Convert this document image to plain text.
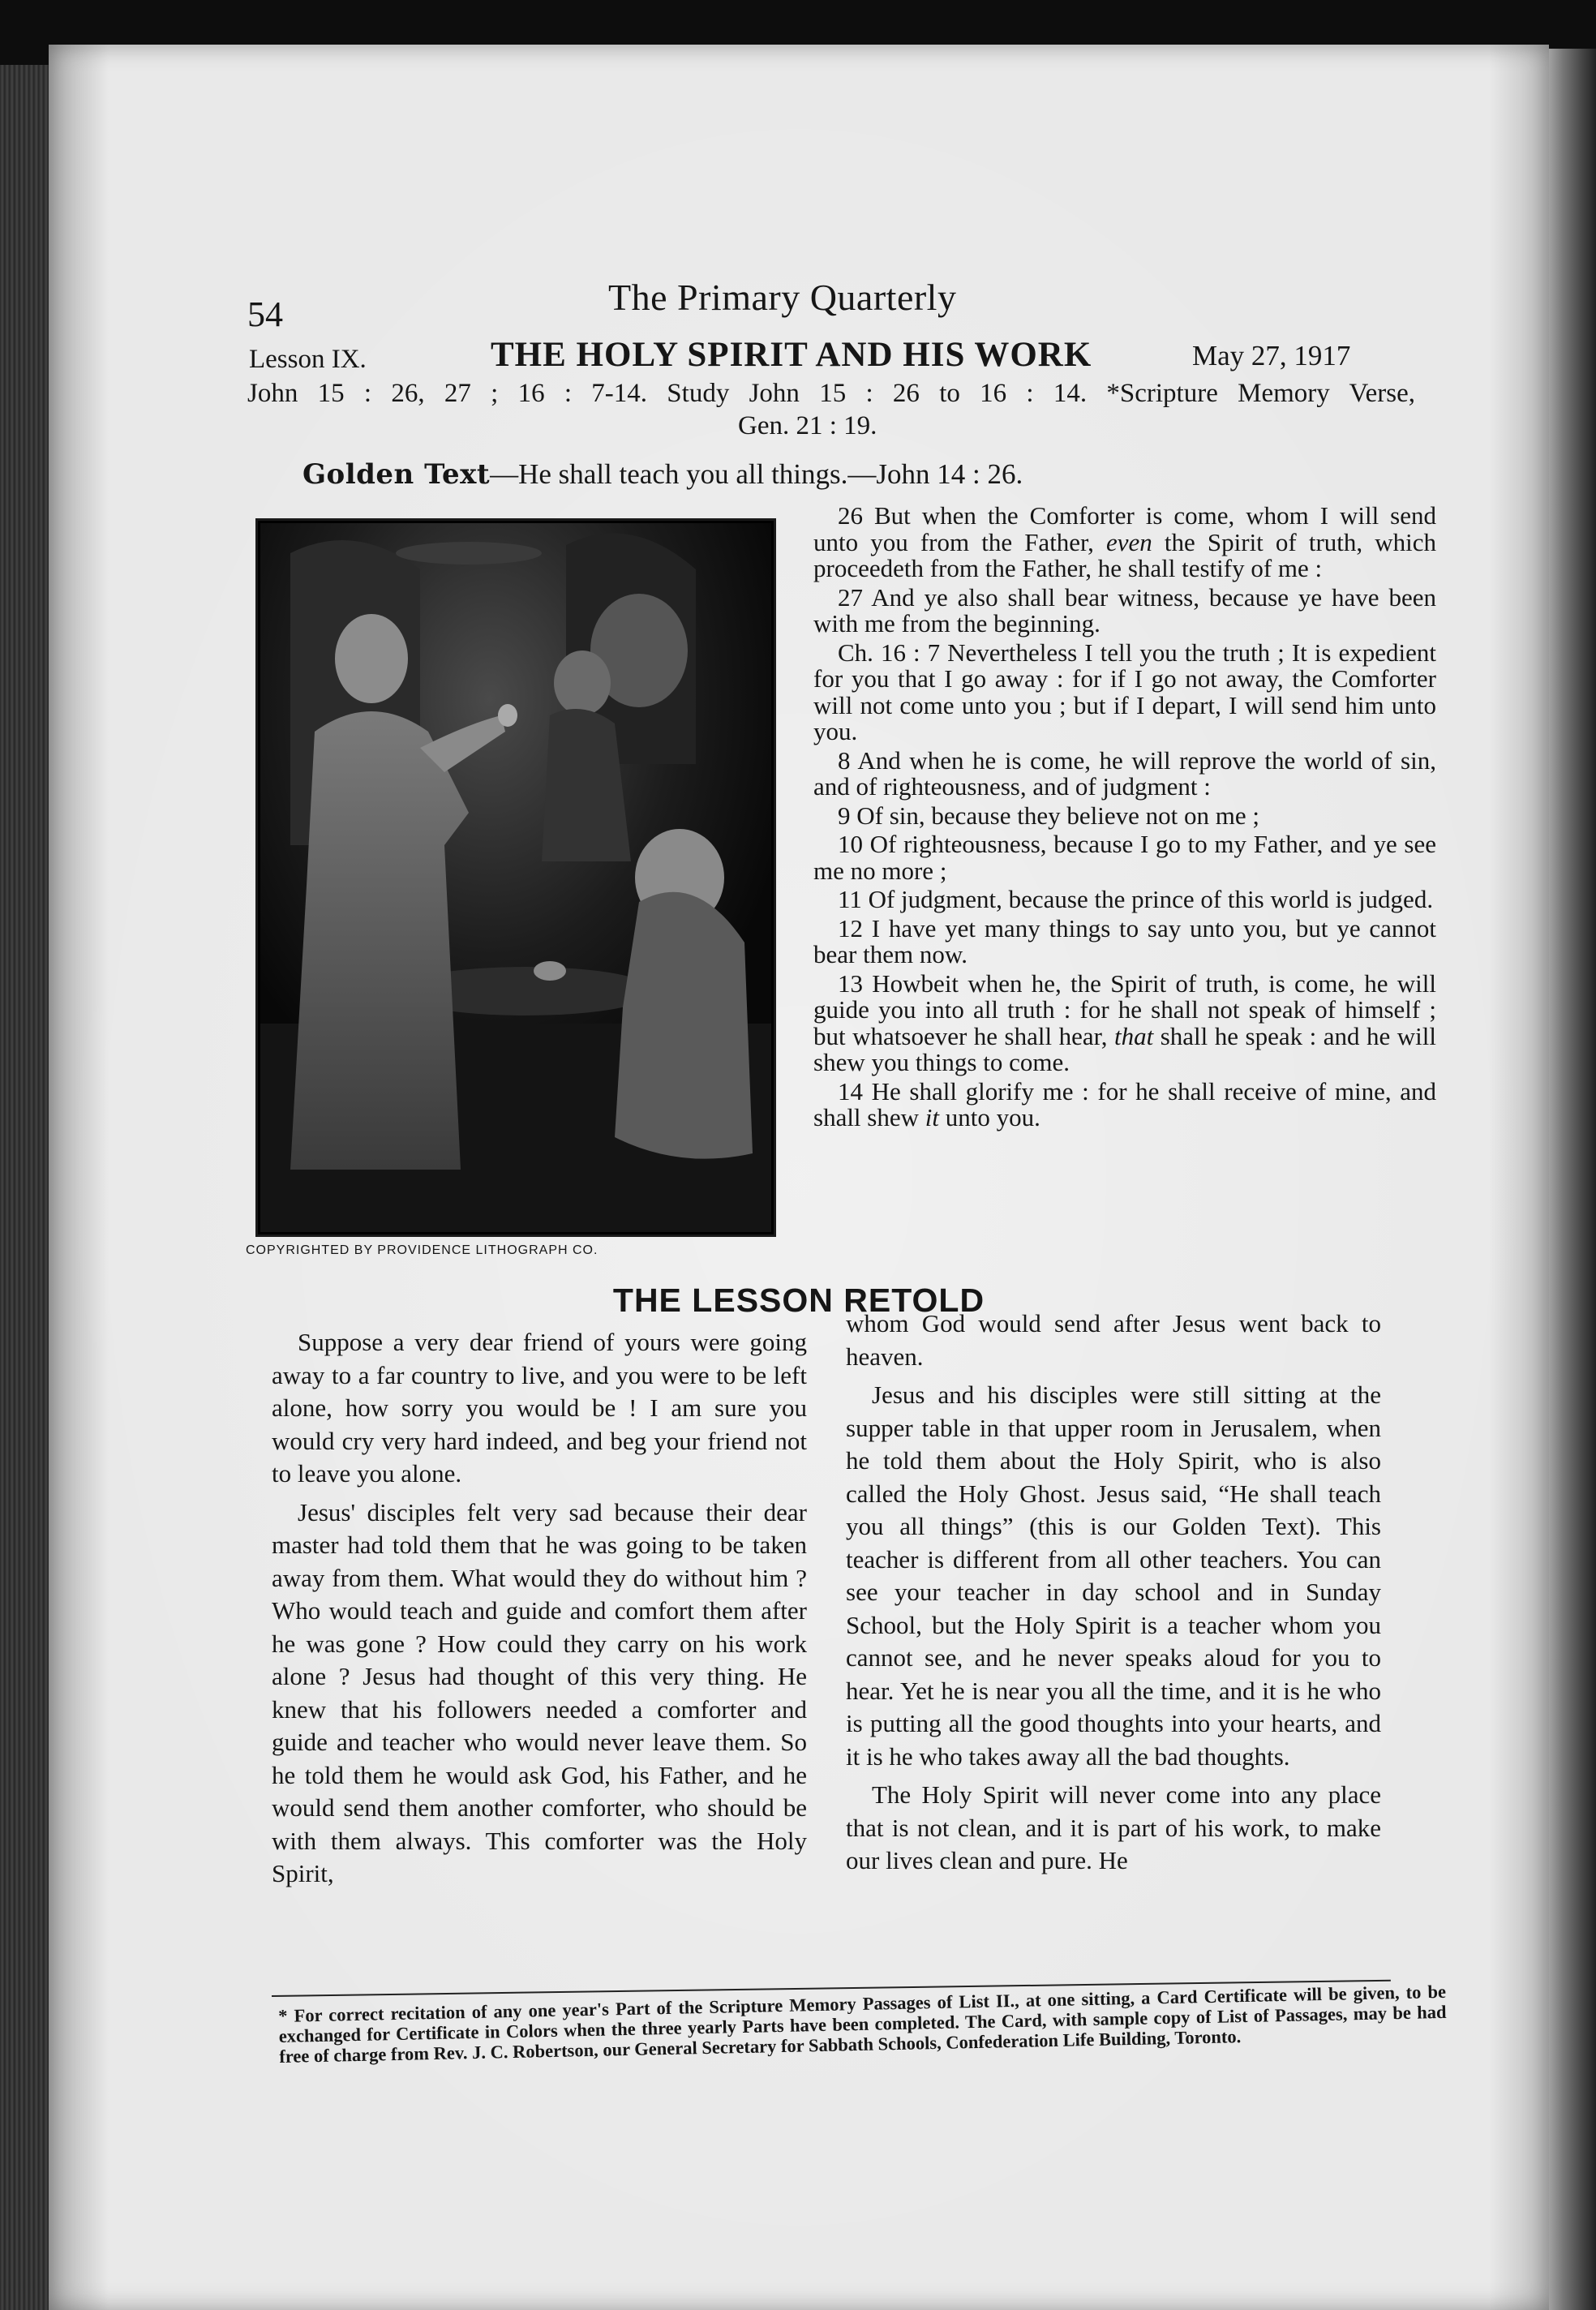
54	The Primary Quarterly
Lesson IX.	THE HOLY SPIRIT AND HIS WORK	May 27, 1917
John 15 : 26, 27 ; 16 : 7-14. Study John 15 : 26 to 16 : 14. *Scripture Memory Verse,
Gen. 21 : 19.
Golden Text—He shall teach you all things.—John 14 : 26.
COPYRIGHTED BY PROVIDENCE LITHOGRAPH CO.

26 But when the Comforter is come, whom I will send unto you from the Father, even the Spirit of truth, which proceedeth from the Father, he shall testify of me :

27 And ye also shall bear witness, because ye have been with me from the beginning.

Ch. 16 : 7 Nevertheless I tell you the truth ; It is expedient for you that I go away : for if I go not away, the Comforter will not come unto you ; but if I depart, I will send him unto you.

8 And when he is come, he will reprove the world of sin, and of righteousness, and of judgment :

9 Of sin, because they believe not on me ;

10 Of righteousness, because I go to my Father, and ye see me no more ;

11 Of judgment, because the prince of this world is judged.

12 I have yet many things to say unto you, but ye cannot bear them now.

13 Howbeit when he, the Spirit of truth, is come, he will guide you into all truth : for he shall not speak of himself ; but whatsoever he shall hear, that shall he speak : and he will shew you things to come.

14 He shall glorify me : for he shall receive of mine, and shall shew it unto you.

THE LESSON RETOLD

Suppose a very dear friend of yours were going away to a far country to live, and you were to be left alone, how sorry you would be ! I am sure you would cry very hard indeed, and beg your friend not to leave you alone.

Jesus' disciples felt very sad because their dear master had told them that he was going to be taken away from them. What would they do without him ? Who would teach and guide and comfort them after he was gone ? How could they carry on his work alone ? Jesus had thought of this very thing. He knew that his followers needed a comforter and guide and teacher who would never leave them. So he told them he would ask God, his Father, and he would send them another comforter, who should be with them always. This comforter was the Holy Spirit,

whom God would send after Jesus went back to heaven.

Jesus and his disciples were still sitting at the supper table in that upper room in Jerusalem, when he told them about the Holy Spirit, who is also called the Holy Ghost. Jesus said, “He shall teach you all things” (this is our Golden Text). This teacher is different from all other teachers. You can see your teacher in day school and in Sunday School, but the Holy Spirit is a teacher whom you cannot see, and he never speaks aloud for you to hear. Yet he is near you all the time, and it is he who is putting all the good thoughts into your hearts, and it is he who takes away all the bad thoughts.

The Holy Spirit will never come into any place that is not clean, and it is part of his work, to make our lives clean and pure. He

* For correct recitation of any one year's Part of the Scripture Memory Passages of List II., at one sitting, a Card Certificate will be given, to be exchanged for Certificate in Colors when the three yearly Parts have been completed. The Card, with sample copy of List of Passages, may be had free of charge from Rev. J. C. Robertson, our General Secretary for Sabbath Schools, Confederation Life Building, Toronto.
